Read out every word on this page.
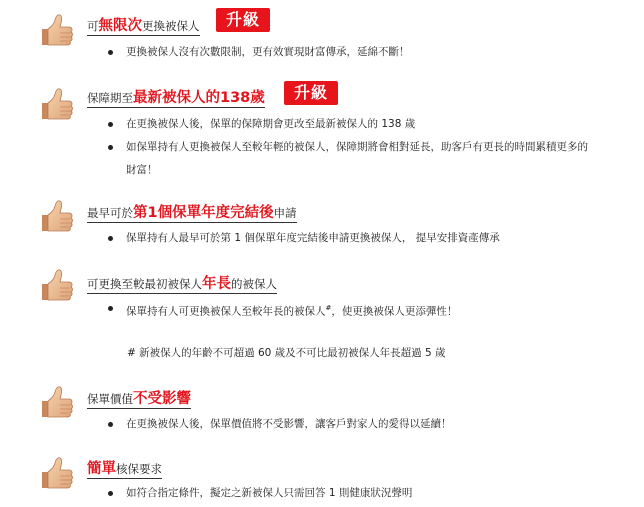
可無限次更換被保人	升級
更換被保人沒有次數限制，更有效實現財富傳承，延綿不斷！
保障期至最新被保人的138歲	升級
在更換被保人後，保單的保障期會更改至最新被保人的 138 歲
如保單持有人更換被保人至較年輕的被保人，保障期將會相對延長，助客戶有更長的時間累積更多的財富！
最早可於第1個保單年度完結後申請
保單持有人最早可於第 1 個保單年度完結後申請更換被保人， 提早安排資產傳承
可更換至較最初被保人年長的被保人
保單持有人可更換被保人至較年長的被保人#，使更換被保人更添彈性！
# 新被保人的年齡不可超過 60 歲及不可比最初被保人年長超過 5 歲
保單價值不受影響
在更換被保人後，保單價值將不受影響，讓客戶對家人的愛得以延續！
簡單核保要求
如符合指定條件，擬定之新被保人只需回答 1 則健康狀況聲明
